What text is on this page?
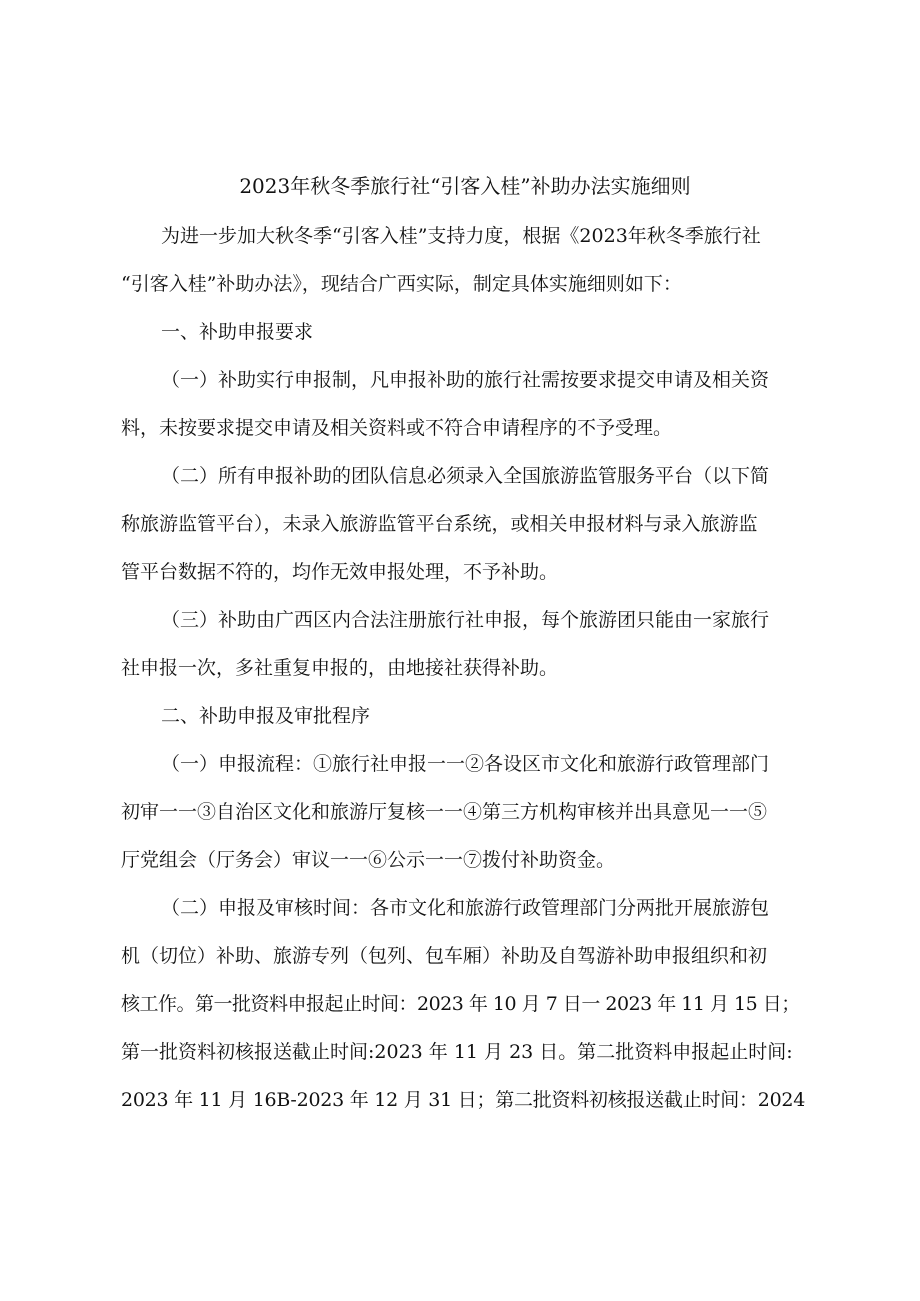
2023年秋冬季旅行社“引客入桂”补助办法实施细则
为进一步加大秋冬季“引客入桂”支持力度，根据《2023年秋冬季旅行社
“引客入桂”补助办法》，现结合广西实际，制定具体实施细则如下：
一、补助申报要求
（一）补助实行申报制，凡申报补助的旅行社需按要求提交申请及相关资
料，未按要求提交申请及相关资料或不符合申请程序的不予受理。
（二）所有申报补助的团队信息必须录入全国旅游监管服务平台（以下简
称旅游监管平台），未录入旅游监管平台系统，或相关申报材料与录入旅游监
管平台数据不符的，均作无效申报处理，不予补助。
（三）补助由广西区内合法注册旅行社申报，每个旅游团只能由一家旅行
社申报一次，多社重复申报的，由地接社获得补助。
二、补助申报及审批程序
（一）申报流程：①旅行社申报一一②各设区市文化和旅游行政管理部门
初审一一③自治区文化和旅游厅复核一一④第三方机构审核并出具意见一一⑤
厅党组会（厅务会）审议一一⑥公示一一⑦拨付补助资金。
（二）申报及审核时间：各市文化和旅游行政管理部门分两批开展旅游包
机（切位）补助、旅游专列（包列、包车厢）补助及自驾游补助申报组织和初
核工作。第一批资料申报起止时间：2023 年 10 月 7 日一 2023 年 11 月 15 日；
第一批资料初核报送截止时间:2023 年 11 月 23 日。第二批资料申报起止时间:
2023 年 11 月 16B-2023 年 12 月 31 日；第二批资料初核报送截止时间：2024
